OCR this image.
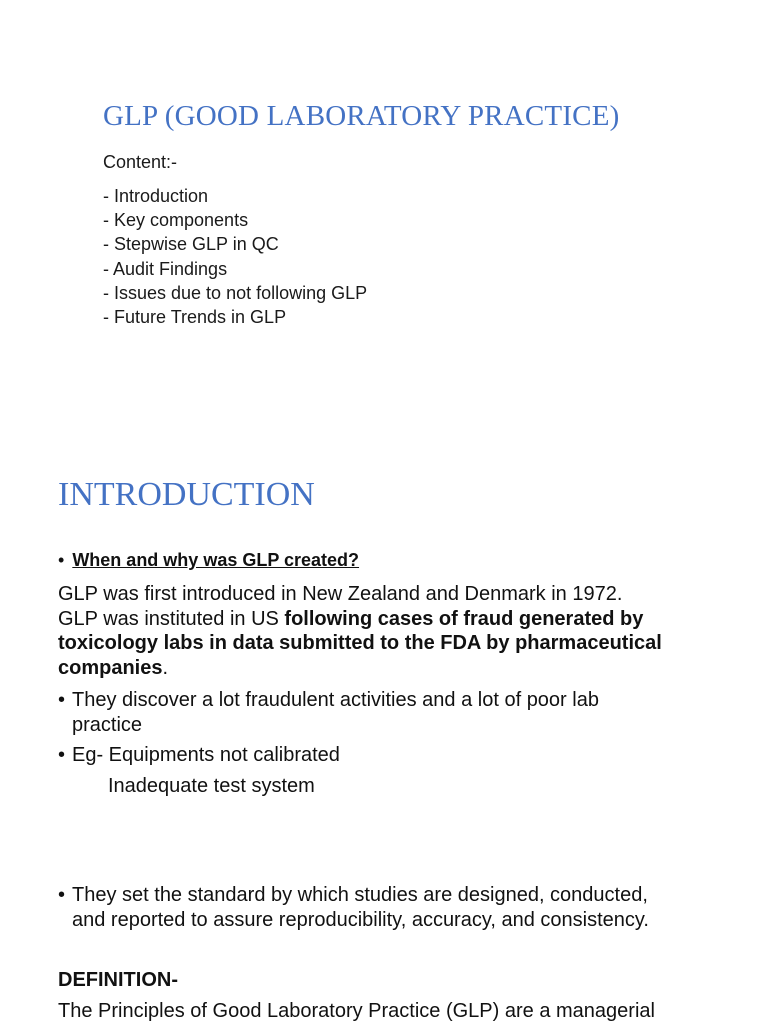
GLP (GOOD LABORATORY PRACTICE)
Content:-
- Introduction
- Key components
- Stepwise GLP in QC
- Audit Findings
- Issues due to not following GLP
- Future Trends in GLP
INTRODUCTION
• When and why was GLP created?
GLP was first introduced in New Zealand and Denmark in 1972.
GLP was instituted in US following cases of fraud generated by
toxicology labs in data submitted to the FDA by pharmaceutical
companies.
• They discover a lot fraudulent activities and a lot of poor lab
practice
• Eg- Equipments not calibrated
Inadequate test system
• They set the standard by which studies are designed, conducted,
and reported to assure reproducibility, accuracy, and consistency.
DEFINITION-
The Principles of Good Laboratory Practice (GLP) are a managerial
